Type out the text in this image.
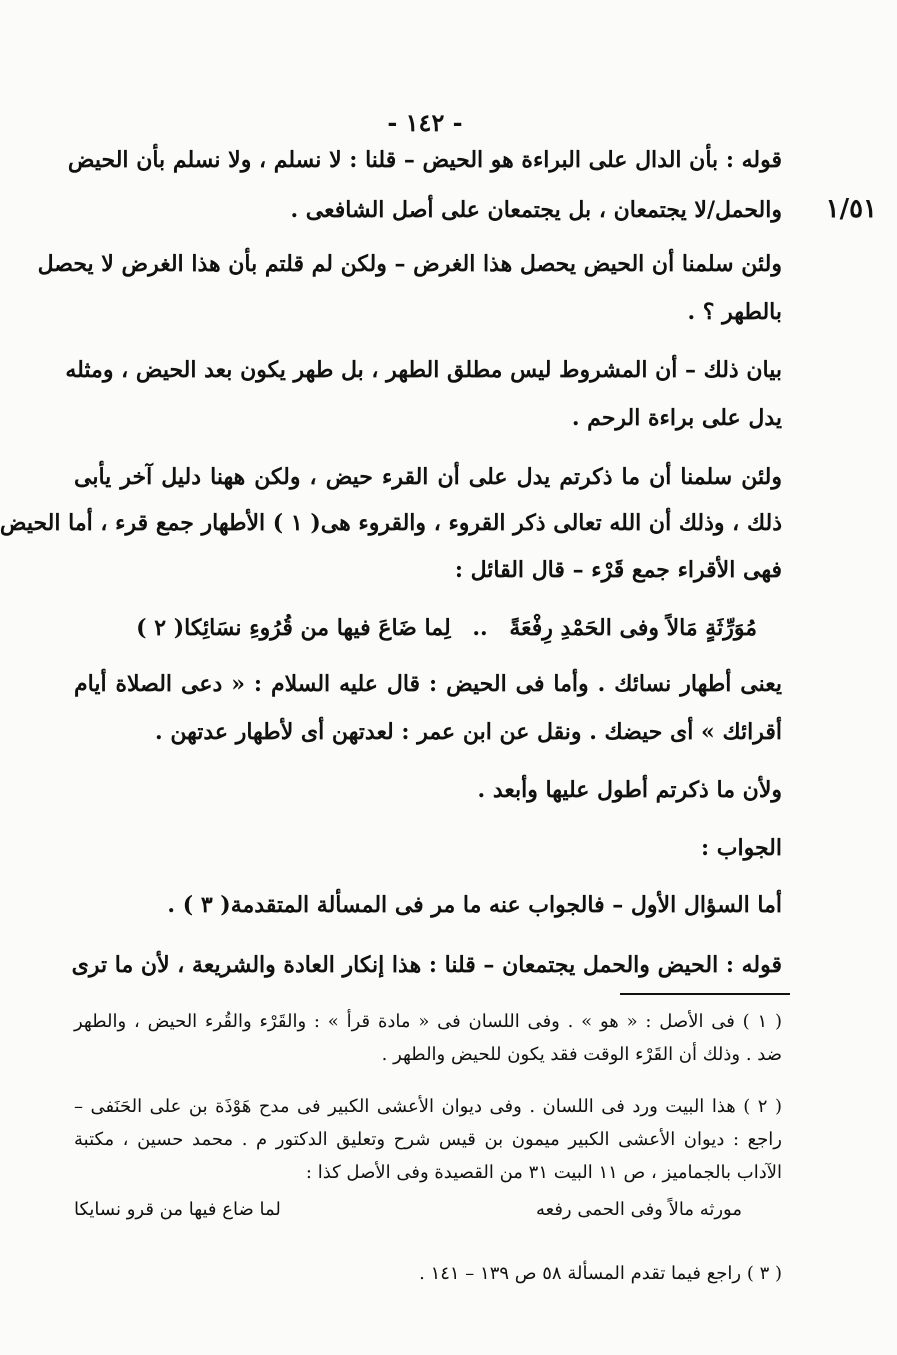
- ١٤٢ -
١/٥١
قوله : بأن الدال على البراءة هو الحيض – قلنا : لا نسلم ، ولا نسلم بأن الحيض
والحمل/لا يجتمعان ، بل يجتمعان على أصل الشافعى .
ولئن سلمنا أن الحيض يحصل هذا الغرض – ولكن لم قلتم بأن هذا الغرض لا يحصل
بالطهر ؟ .
بيان ذلك – أن المشروط ليس مطلق الطهر ، بل طهر يكون بعد الحيض ، ومثله
يدل على براءة الرحم .
ولئن سلمنا أن ما ذكرتم يدل على أن القرء حيض ، ولكن ههنا دليل آخر يأبى
ذلك ، وذلك أن الله تعالى ذكر القروء ، والقروء هى( ١ ) الأطهار جمع قرء ، أما الحيض
فهى الأقراء جمع قَرْء – قال القائل :
مُوَرِّثَةٍ مَالاً وفى الحَمْدِ رِفْعَةً .. لِما ضَاعَ فيها من قُرُوءِ نسَائِكا( ٢ )
يعنى أطهار نسائك . وأما فى الحيض : قال عليه السلام : « دعى الصلاة أيام
أقرائك » أى حيضك . ونقل عن ابن عمر : لعدتهن أى لأطهار عدتهن .
ولأن ما ذكرتم أطول عليها وأبعد .
الجواب :
أما السؤال الأول – فالجواب عنه ما مر فى المسألة المتقدمة( ٣ ) .
قوله : الحيض والحمل يجتمعان – قلنا : هذا إنكار العادة والشريعة ، لأن ما ترى
( ١ ) فى الأصل : « هو » . وفى اللسان فى « مادة قرأ » : والقَرْء والقُرء الحيض ، والطهر
ضد . وذلك أن القَرْء الوقت فقد يكون للحيض والطهر .
( ٢ ) هذا البيت ورد فى اللسان . وفى ديوان الأعشى الكبير فى مدح هَوْذَة بن على الحَنَفى –
راجع : ديوان الأعشى الكبير ميمون بن قيس شرح وتعليق الدكتور م . محمد حسين ، مكتبة
الآداب بالجماميز ، ص ١١ البيت ٣١ من القصيدة وفى الأصل كذا :
مورثه مالاً وفى الحمى رفعه
لما ضاع فيها من قرو نسايكا
( ٣ ) راجع فيما تقدم المسألة ٥٨ ص ١٣٩ – ١٤١ .
